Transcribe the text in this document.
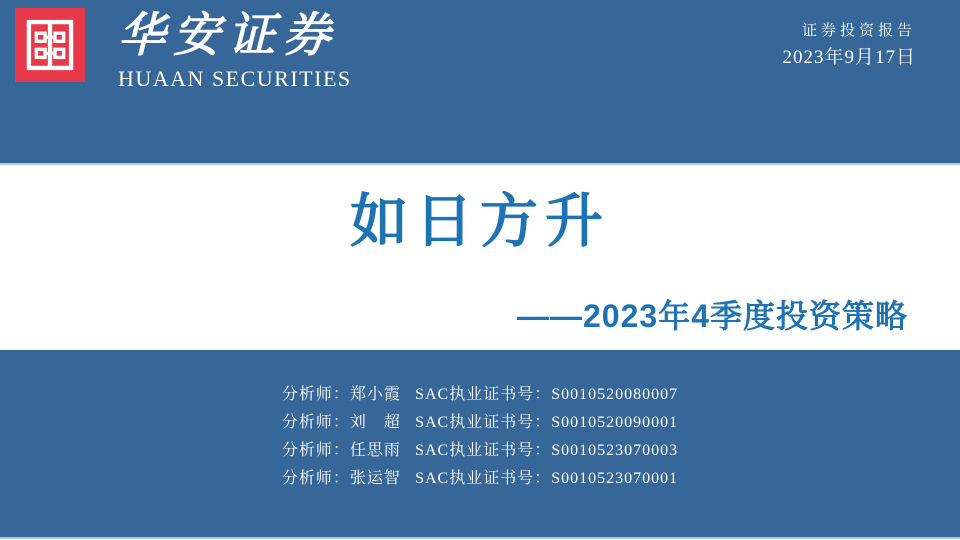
华安证券
HUAAN SECURITIES
证券投资报告
2023年9月17日
如日方升
——2023年4季度投资策略
分析师： 郑小霞 SAC执业证书号： S0010520080007
分析师： 刘　超 SAC执业证书号： S0010520090001
分析师： 任思雨 SAC执业证书号： S0010523070003
分析师： 张运智 SAC执业证书号： S0010523070001
